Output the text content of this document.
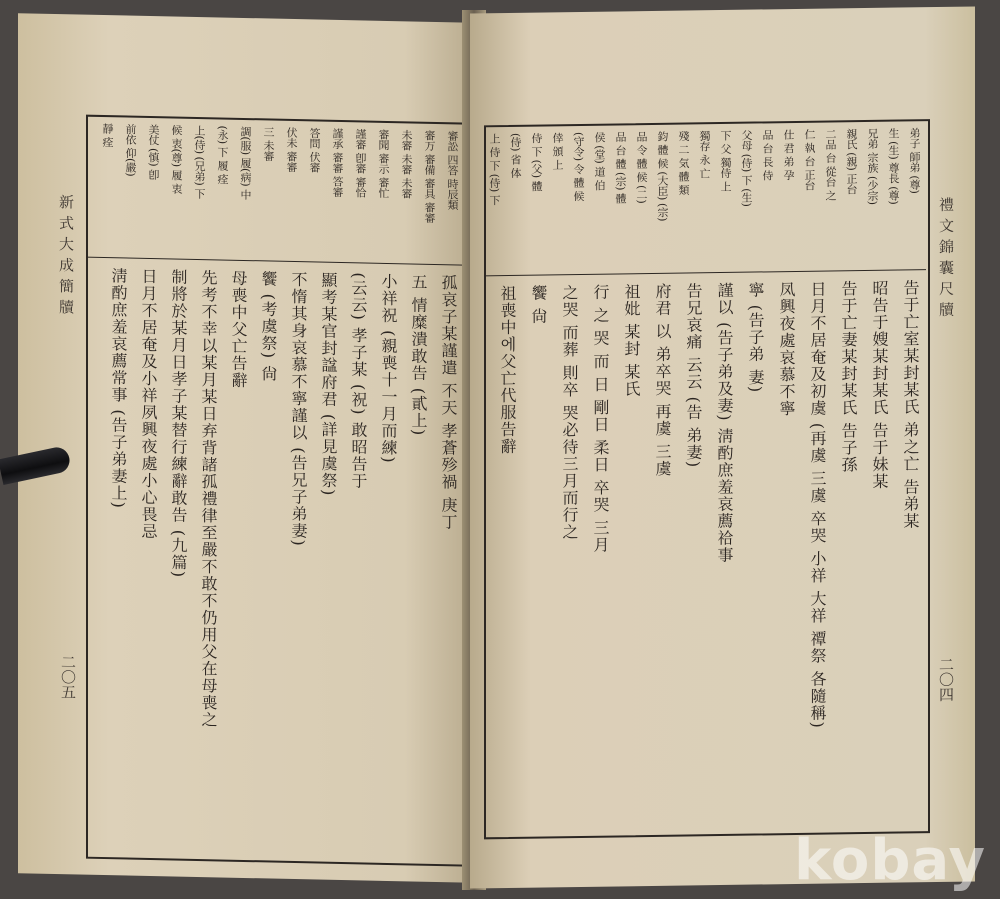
審訟 四答 時辰類
審万 審備 審具 審審
未審 未審 未審
審聞 審示 審忙
謹審 卽審 審恰
謹承 審審 答審
答問 伏審
伏未 審審
三 未審
調(服) 履(病) 中
(永) 下 履 痊
上(侍) (兄弟) 下
候 衷(尊) 履 衷
美仗 (慎) 卽
前依 仰(嚴)
靜 痊
孤哀子某謹遣 不天 孝蒼殄禍 庚丁
五 情糜潰敢告 (貳上)
小祥祝 (親喪十一月而練)
(云云) 孝子某 (祝) 敢昭告于
顯考某官封諡府君 (詳見虞祭)
不惰其身哀慕不寧謹以 (告兄子弟妻)
饗 (考虞祭) 尙
母喪中父亡告辭
先考不幸以某月某日弃背諸孤禮律至嚴不敢不仍用父在母喪之
制將於某月日孝子某替行練辭敢告 (九篇)
日月不居奄及小祥夙興夜處小心畏忌
淸酌庶羞哀薦常事 (告子弟妻上)
新式大成簡牘
二〇五
弟子 師弟 (尊)
生 (生) 尊長 (尊)
兄弟 宗族 (少宗)
親氏 (親) 正台
二品 台 從台 之
仁 執 台 正台
仕 君 弟 孕
品 台 長 侍
父母 (侍) 下 (生)
下 父 獨侍 上
獨存 永 亡
殘 二 気 體 類
鈞 體 候 (大臣) (宗)
品 令 體 候 (二)
品 台 體 (宗) 體
侯 (堂) 道 伯
(守令) 令 體 候
倖 頒 上
侍 下 (父) 體
(侍) 省 体
上 侍 下 (侍) 下
告于亡室某封某氏 弟之亡 告弟某
昭告于嫂某封某氏 告于妹某
告于亡妻某封某氏 告子孫
日月不居奄及初虞 (再虞 三虞 卒哭 小祥 大祥 禫祭 各隨稱)
凤興夜處哀慕不寧
寧 (告子弟 妻)
謹以 (告子弟及妻) 淸酌庶羞哀薦祫事
告兄哀痛 云云 (告 弟妻)
府君 以 弟卒哭 再虞 三虞
祖妣 某封 某氏
行 之 哭 而 日 剛日 柔日 卒哭 三月
之哭 而葬 則卒 哭必待三月而行之
饗 尙
祖喪中에父亡代服告辭
禮文錦囊尺牘
二〇四
kobay
